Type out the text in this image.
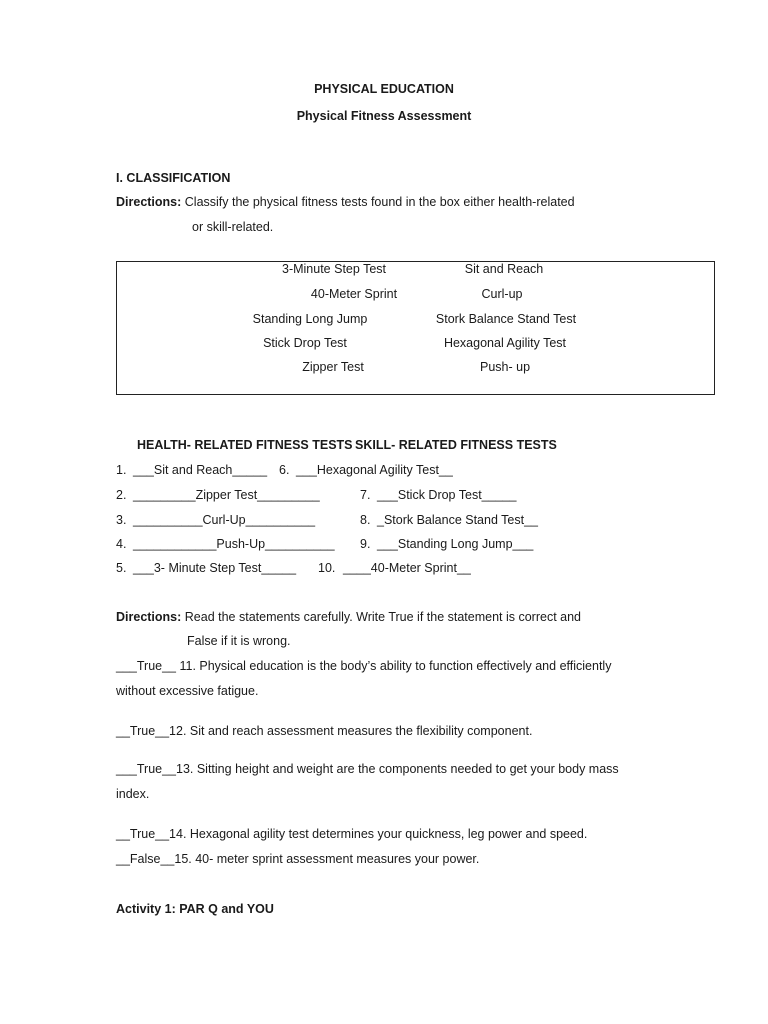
PHYSICAL EDUCATION
Physical Fitness Assessment
I. CLASSIFICATION
Directions: Classify the physical fitness tests found in the box either health-related
or skill-related.
3-Minute Step Test	Sit and Reach
40-Meter Sprint	Curl-up
Standing Long Jump	Stork Balance Stand Test
Stick Drop Test	Hexagonal Agility Test
Zipper Test	Push- up
HEALTH- RELATED FITNESS TESTS SKILL- RELATED FITNESS TESTS
1. ___Sit and Reach_____ 6. ___Hexagonal Agility Test__
2. _________Zipper Test_________	7. ___Stick Drop Test_____
3. __________Curl-Up__________	8. _Stork Balance Stand Test__
4. ____________Push-Up__________ 9. ___Standing Long Jump___
5. ___3- Minute Step Test_____ 10. ____40-Meter Sprint__
Directions: Read the statements carefully. Write True if the statement is correct and
False if it is wrong.
___True__ 11. Physical education is the body’s ability to function effectively and efficiently
without excessive fatigue.
__True__12. Sit and reach assessment measures the flexibility component.
___True__13. Sitting height and weight are the components needed to get your body mass
index.
__True__14. Hexagonal agility test determines your quickness, leg power and speed.
__False__15. 40- meter sprint assessment measures your power.
Activity 1: PAR Q and YOU
